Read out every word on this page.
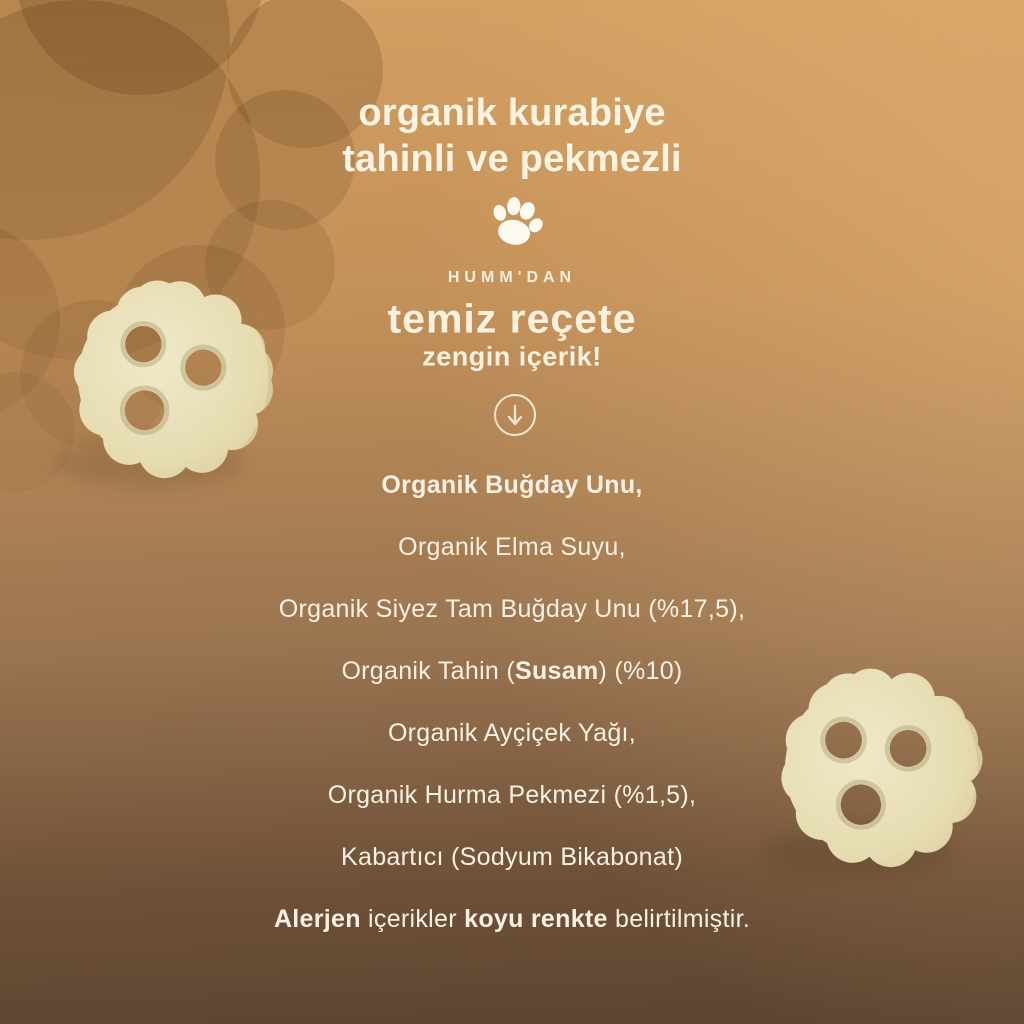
organik kurabiye
tahinli ve pekmezli
HUMM'DAN
temiz reçete
zengin içerik!
Organik Buğday Unu,
Organik Elma Suyu,
Organik Siyez Tam Buğday Unu (%17,5),
Organik Tahin ( Susam ) (%10)
Organik Ayçiçek Yağı,
Organik Hurma Pekmezi (%1,5),
Kabartıcı (Sodyum Bikabonat)
Alerjen içerikler koyu renkte belirtilmiştir.
